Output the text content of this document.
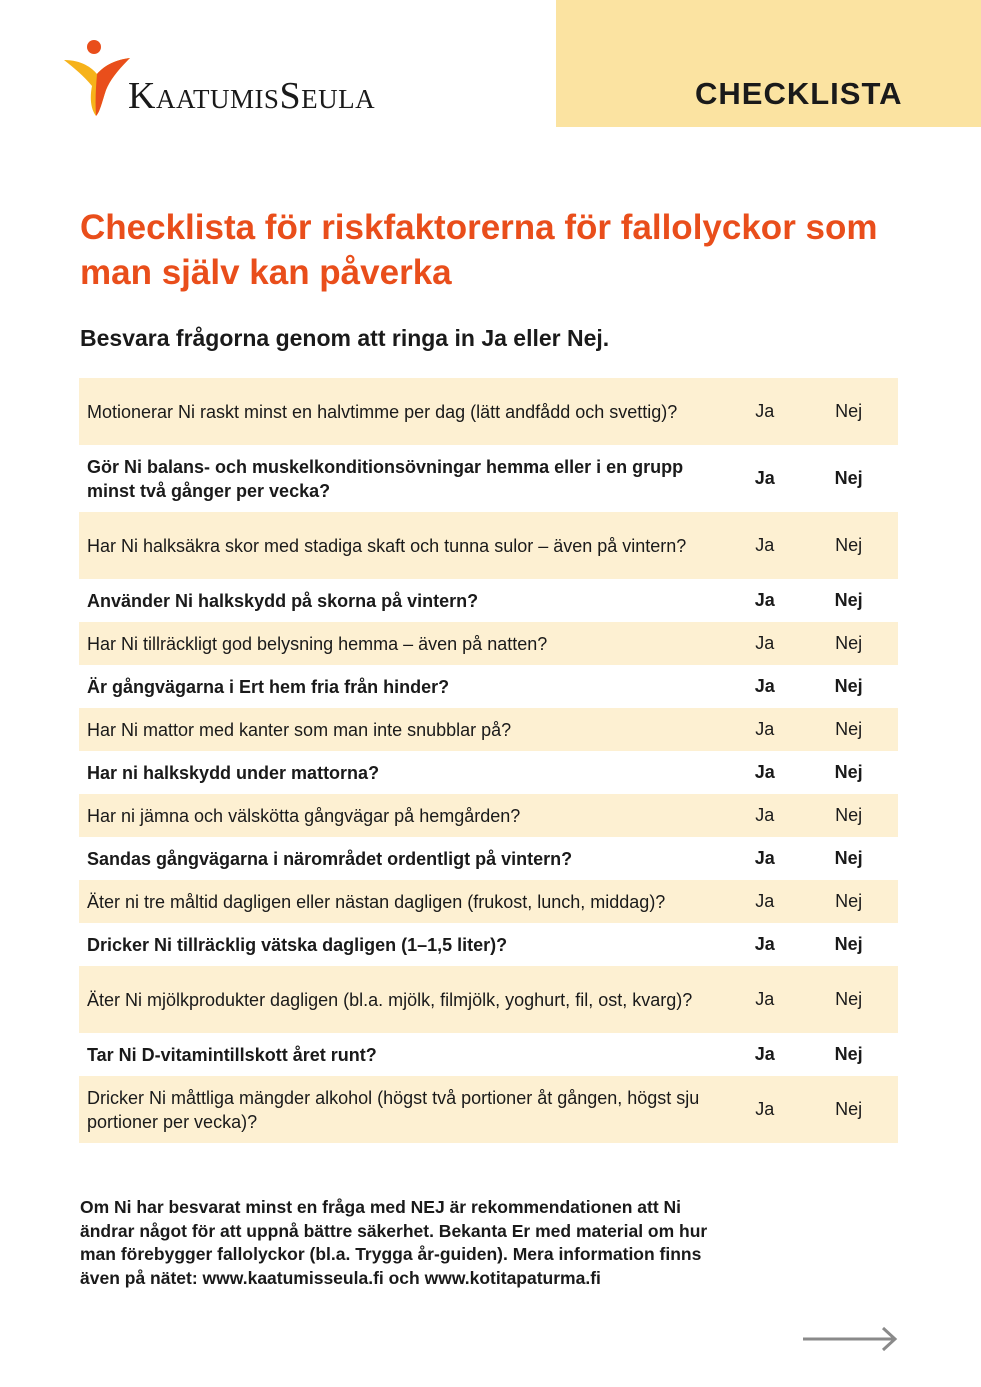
KaatumisSeula	CHECKLISTA
Checklista för riskfaktorerna för fallolyckor som man själv kan påverka
Besvara frågorna genom att ringa in Ja eller Nej.
Motionerar Ni raskt minst en halvtimme per dag (lätt andfådd och svettig)?	Ja	Nej
Gör Ni balans- och muskelkonditionsövningar hemma eller i en grupp minst två gånger per vecka?
Ja	Nej
Har Ni halksäkra skor med stadiga skaft och tunna sulor – även på vintern?	Ja	Nej
Använder Ni halkskydd på skorna på vintern?	Ja	Nej
Har Ni tillräckligt god belysning hemma – även på natten?	Ja	Nej
Är gångvägarna i Ert hem fria från hinder?	Ja	Nej
Har Ni mattor med kanter som man inte snubblar på?	Ja	Nej
Har ni halkskydd under mattorna?	Ja	Nej
Har ni jämna och välskötta gångvägar på hemgården?	Ja	Nej
Sandas gångvägarna i närområdet ordentligt på vintern?	Ja	Nej
Äter ni tre måltid dagligen eller nästan dagligen (frukost, lunch, middag)?	Ja	Nej
Dricker Ni tillräcklig vätska dagligen (1–1,5 liter)?	Ja	Nej
Äter Ni mjölkprodukter dagligen (bl.a. mjölk, filmjölk, yoghurt, fil, ost, kvarg)?	Ja	Nej
Tar Ni D-vitamintillskott året runt?	Ja	Nej
Dricker Ni måttliga mängder alkohol (högst två portioner åt gången, högst sju portioner per vecka)?
Ja	Nej

Om Ni har besvarat minst en fråga med NEJ är rekommendationen att Ni ändrar något för att uppnå bättre säkerhet. Bekanta Er med material om hur man förebygger fallolyckor (bl.a. Trygga år-guiden). Mera information finns även på nätet: www.kaatumisseula.fi och www.kotitapaturma.fi
